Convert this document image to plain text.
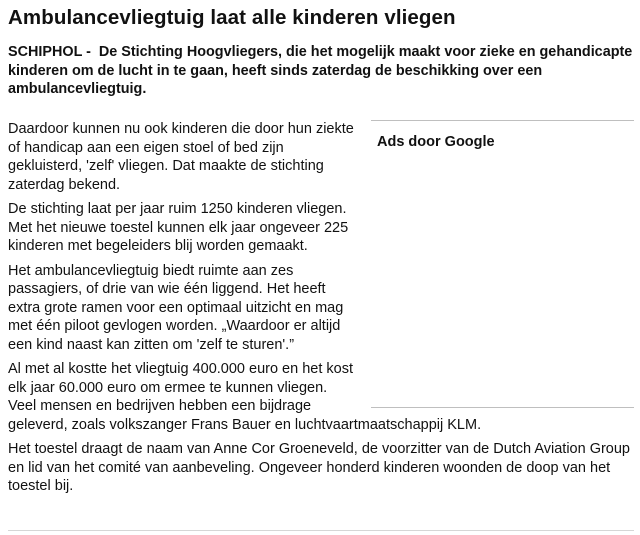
Ambulancevliegtuig laat alle kinderen vliegen

SCHIPHOL - De Stichting Hoogvliegers, die het mogelijk maakt voor zieke en gehandicapte kinderen om de lucht in te gaan, heeft sinds zaterdag de beschikking over een ambulancevliegtuig.

Ads door Google

Daardoor kunnen nu ook kinderen die door hun ziekte of handicap aan een eigen stoel of bed zijn gekluisterd, 'zelf' vliegen. Dat maakte de stichting zaterdag bekend.

De stichting laat per jaar ruim 1250 kinderen vliegen. Met het nieuwe toestel kunnen elk jaar ongeveer 225 kinderen met begeleiders blij worden gemaakt.

Het ambulancevliegtuig biedt ruimte aan zes passagiers, of drie van wie één liggend. Het heeft extra grote ramen voor een optimaal uitzicht en mag met één piloot gevlogen worden. „Waardoor er altijd een kind naast kan zitten om 'zelf te sturen'.”

Al met al kostte het vliegtuig 400.000 euro en het kost elk jaar 60.000 euro om ermee te kunnen vliegen. Veel mensen en bedrijven hebben een bijdrage geleverd, zoals volkszanger Frans Bauer en luchtvaartmaatschappij KLM.

Het toestel draagt de naam van Anne Cor Groeneveld, de voorzitter van de Dutch Aviation Group en lid van het comité van aanbeveling. Ongeveer honderd kinderen woonden de doop van het toestel bij.
